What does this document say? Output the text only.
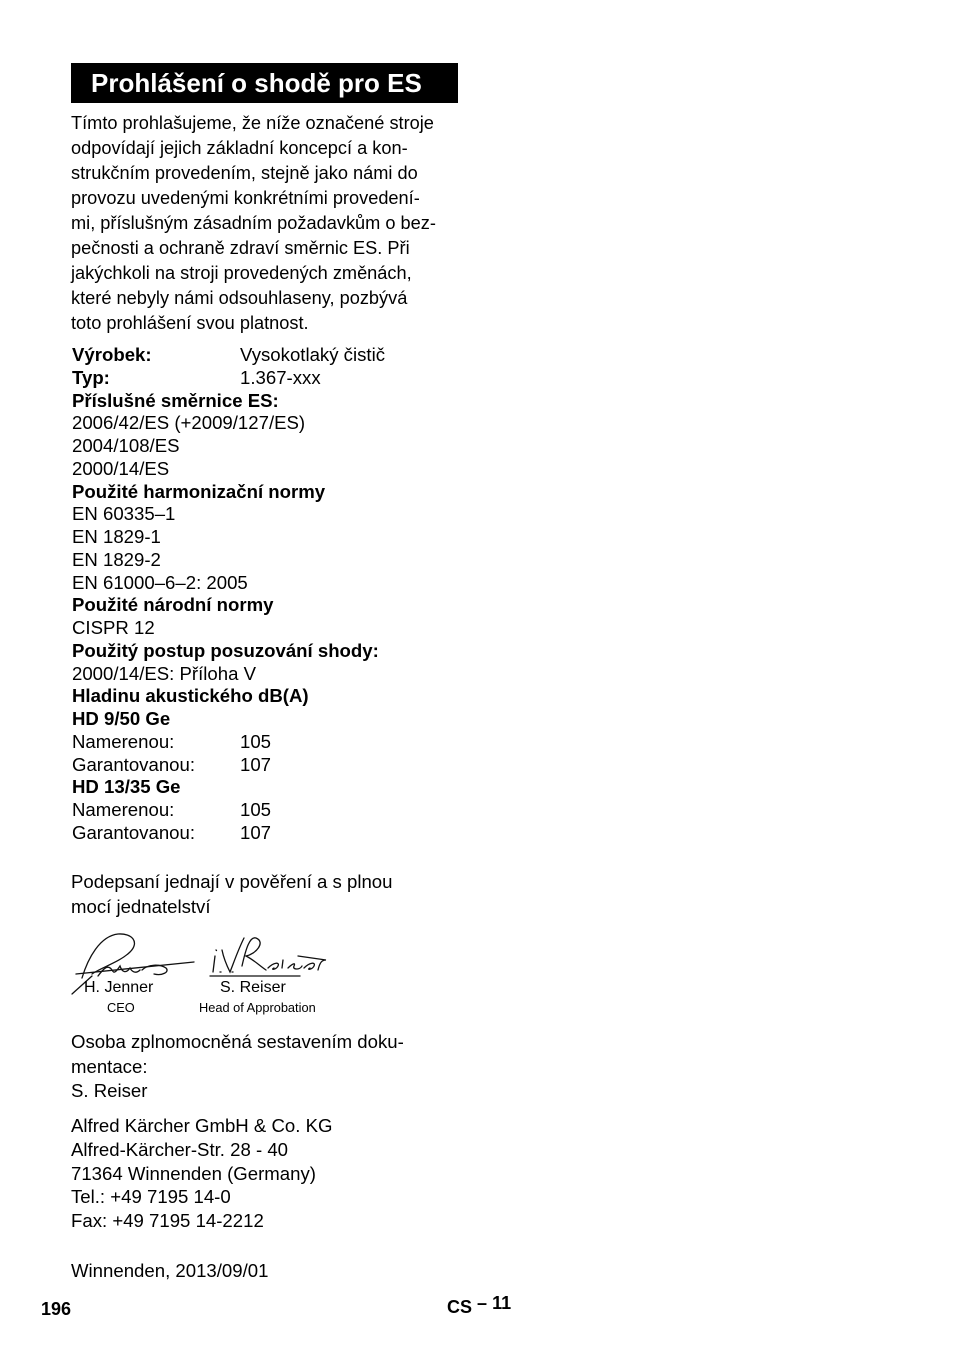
Prohlášení o shodě pro ES
Tímto prohlašujeme, že níže označené stroje
odpovídají jejich základní koncepcí a kon-
strukčním provedením, stejně jako námi do
provozu uvedenými konkrétními provedení-
mi, příslušným zásadním požadavkům o bez-
pečnosti a ochraně zdraví směrnic ES. Při
jakýchkoli na stroji provedených změnách,
které nebyly námi odsouhlaseny, pozbývá
toto prohlášení svou platnost.
Výrobek:	Vysokotlaký čistič
Typ:	1.367-xxx
Příslušné směrnice ES:
2006/42/ES (+2009/127/ES)
2004/108/ES
2000/14/ES
Použité harmonizační normy
EN 60335–1
EN 1829-1
EN 1829-2
EN 61000–6–2: 2005
Použité národní normy
CISPR 12
Použitý postup posuzování shody:
2000/14/ES: Příloha V
Hladinu akustického dB(A)
HD 9/50 Ge
Namerenou:	105
Garantovanou:	107
HD 13/35 Ge
Namerenou:	105
Garantovanou:	107
Podepsaní jednají v pověření a s plnou
mocí jednatelství
H. Jenner
CEO
S. Reiser
Head of Approbation
Osoba zplnomocněná sestavením doku-
mentace:
S. Reiser
Alfred Kärcher GmbH & Co. KG
Alfred-Kärcher-Str. 28 - 40
71364 Winnenden (Germany)
Tel.: +49 7195 14-0
Fax: +49 7195 14-2212
Winnenden, 2013/09/01
196	CS – 11
